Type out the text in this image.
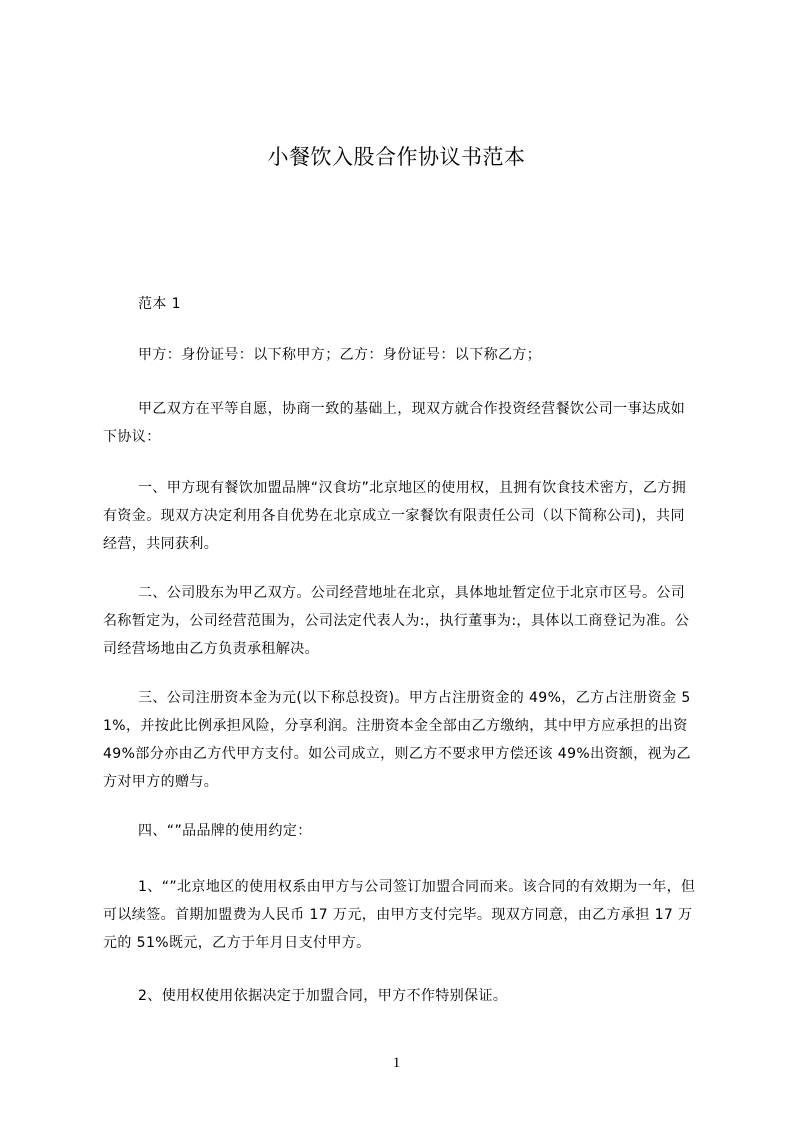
小餐饮入股合作协议书范本
范本 1
甲方：身份证号：以下称甲方；乙方：身份证号：以下称乙方；
甲乙双方在平等自愿，协商一致的基础上，现双方就合作投资经营餐饮公司一事达成如下协议：
一、甲方现有餐饮加盟品牌“汉食坊”北京地区的使用权，且拥有饮食技术密方，乙方拥有资金。现双方决定利用各自优势在北京成立一家餐饮有限责任公司（以下简称公司)，共同经营，共同获利。
二、公司股东为甲乙双方。公司经营地址在北京，具体地址暂定位于北京市区号。公司名称暂定为，公司经营范围为，公司法定代表人为:，执行董事为:，具体以工商登记为准。公司经营场地由乙方负责承租解决。
三、公司注册资本金为元(以下称总投资)。甲方占注册资金的 49%，乙方占注册资金 51%，并按此比例承担风险，分享利润。注册资本金全部由乙方缴纳，其中甲方应承担的出资 49%部分亦由乙方代甲方支付。如公司成立，则乙方不要求甲方偿还该 49%出资额，视为乙方对甲方的赠与。
四、“”品品牌的使用约定：
1、“”北京地区的使用权系由甲方与公司签订加盟合同而来。该合同的有效期为一年，但可以续签。首期加盟费为人民币 17 万元，由甲方支付完毕。现双方同意，由乙方承担 17 万元的 51%既元，乙方于年月日支付甲方。
2、使用权使用依据决定于加盟合同，甲方不作特别保证。
1
